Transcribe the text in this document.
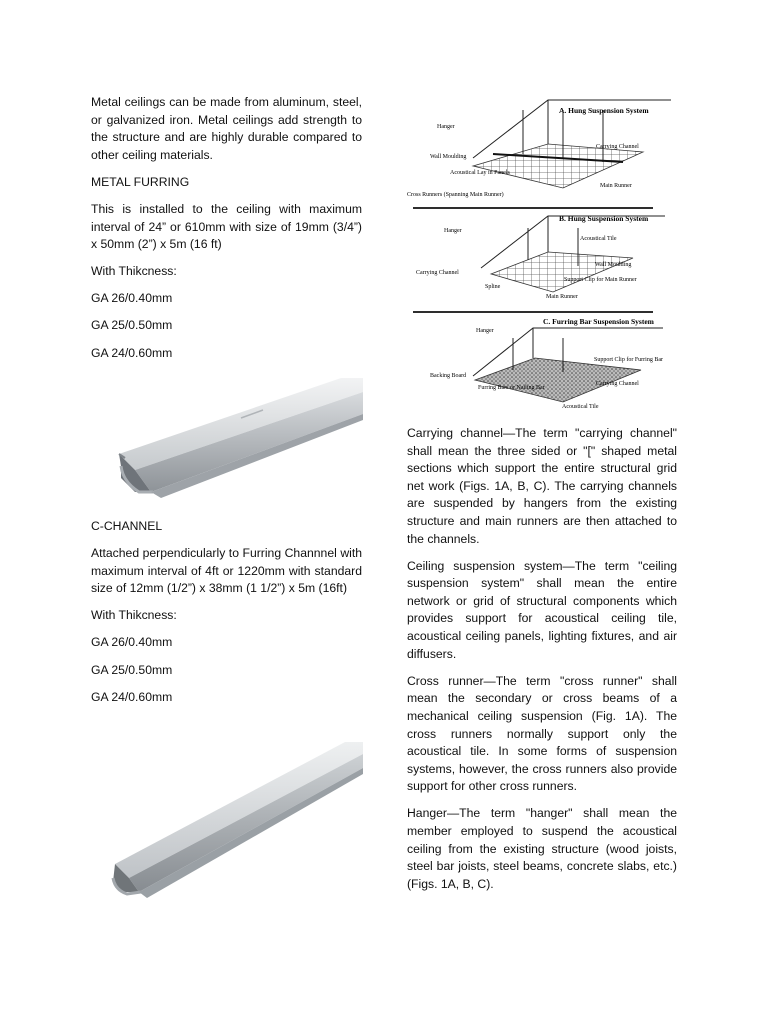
Metal ceilings can be made from aluminum, steel, or galvanized iron. Metal ceilings add strength to the structure and are highly durable compared to other ceiling materials.

METAL FURRING

This is installed to the ceiling with maximum interval of 24” or 610mm with size of 19mm (3/4”) x 50mm (2”) x 5m (16 ft)

With Thikcness:

GA 26/0.40mm

GA 25/0.50mm

GA 24/0.60mm

C-CHANNEL

Attached perpendicularly to Furring Channnel with maximum interval of 4ft or 1220mm with standard size of 12mm (1/2”) x 38mm (1 1/2”) x 5m (16ft)

With Thikcness:

GA 26/0.40mm

GA 25/0.50mm

GA 24/0.60mm

A. Hung Suspension System
Hanger
Carrying Channel
Wall Moulding
Acoustical Lay in Panels
Main Runner
Cross Runners (Spanning Main Runner)
B. Hung Suspension System
Hanger
Acoustical Tile
Wall Moulding
Carrying Channel
Support Clip for Main Runner
Spline
Main Runner
C. Furring Bar Suspension System
Hanger
Support Clip for Furring Bar
Backing Board
Carrying Channel
Furring Bars or Nailing Bar
Acoustical Tile

Carrying channel—The term "carrying channel" shall mean the three sided or "[" shaped metal sections which support the entire structural grid net work (Figs. 1A, B, C). The carrying channels are suspended by hangers from the existing structure and main runners are then attached to the channels.

Ceiling suspension system—The term "ceiling suspension system" shall mean the entire network or grid of structural components which provides support for acoustical ceiling tile, acoustical ceiling panels, lighting fixtures, and air diffusers.

Cross runner—The term "cross runner" shall mean the secondary or cross beams of a mechanical ceiling suspension (Fig. 1A). The cross runners normally support only the acoustical tile. In some forms of suspension systems, however, the cross runners also provide support for other cross runners.

Hanger—The term "hanger" shall mean the member employed to suspend the acoustical ceiling from the existing structure (wood joists, steel bar joists, steel beams, concrete slabs, etc.) (Figs. 1A, B, C).
